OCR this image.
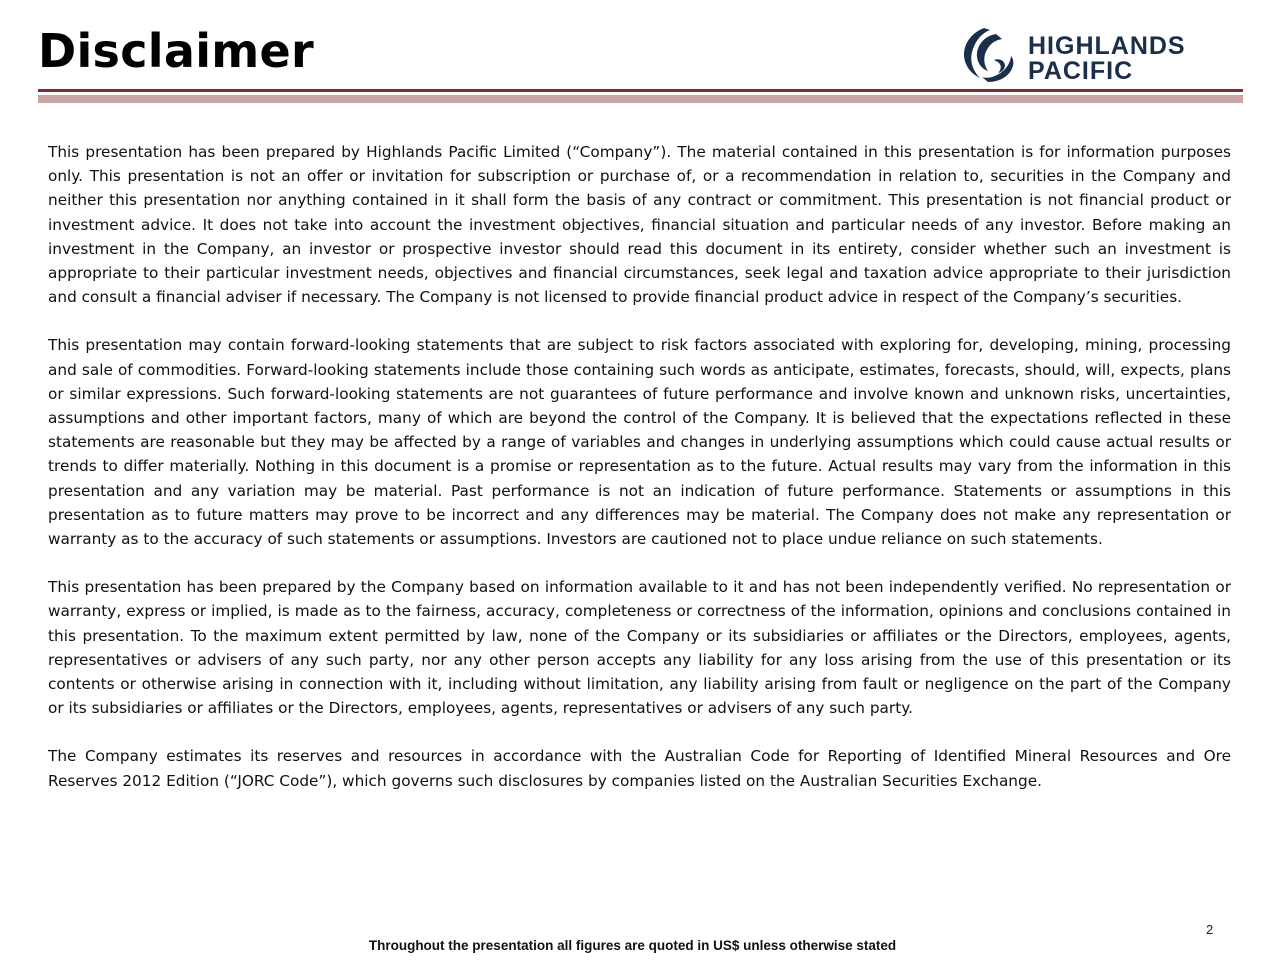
Disclaimer	HIGHLANDS
PACIFIC

This presentation has been prepared by Highlands Pacific Limited (“Company”). The material contained in this presentation is for information purposes only. This presentation is not an offer or invitation for subscription or purchase of, or a recommendation in relation to, securities in the Company and neither this presentation nor anything contained in it shall form the basis of any contract or commitment. This presentation is not financial product or investment advice. It does not take into account the investment objectives, financial situation and particular needs of any investor. Before making an investment in the Company, an investor or prospective investor should read this document in its entirety, consider whether such an investment is appropriate to their particular investment needs, objectives and financial circumstances, seek legal and taxation advice appropriate to their jurisdiction and consult a financial adviser if necessary. The Company is not licensed to provide financial product advice in respect of the Company’s securities.

This presentation may contain forward-looking statements that are subject to risk factors associated with exploring for, developing, mining, processing and sale of commodities. Forward-looking statements include those containing such words as anticipate, estimates, forecasts, should, will, expects, plans or similar expressions. Such forward-looking statements are not guarantees of future performance and involve known and unknown risks, uncertainties, assumptions and other important factors, many of which are beyond the control of the Company. It is believed that the expectations reflected in these statements are reasonable but they may be affected by a range of variables and changes in underlying assumptions which could cause actual results or trends to differ materially. Nothing in this document is a promise or representation as to the future. Actual results may vary from the information in this presentation and any variation may be material. Past performance is not an indication of future performance. Statements or assumptions in this presentation as to future matters may prove to be incorrect and any differences may be material. The Company does not make any representation or warranty as to the accuracy of such statements or assumptions. Investors are cautioned not to place undue reliance on such statements.

This presentation has been prepared by the Company based on information available to it and has not been independently verified. No representation or warranty, express or implied, is made as to the fairness, accuracy, completeness or correctness of the information, opinions and conclusions contained in this presentation. To the maximum extent permitted by law, none of the Company or its subsidiaries or affiliates or the Directors, employees, agents, representatives or advisers of any such party, nor any other person accepts any liability for any loss arising from the use of this presentation or its contents or otherwise arising in connection with it, including without limitation, any liability arising from fault or negligence on the part of the Company or its subsidiaries or affiliates or the Directors, employees, agents, representatives or advisers of any such party.

The Company estimates its reserves and resources in accordance with the Australian Code for Reporting of Identified Mineral Resources and Ore Reserves 2012 Edition (“JORC Code”), which governs such disclosures by companies listed on the Australian Securities Exchange.

2
Throughout the presentation all figures are quoted in US$ unless otherwise stated
